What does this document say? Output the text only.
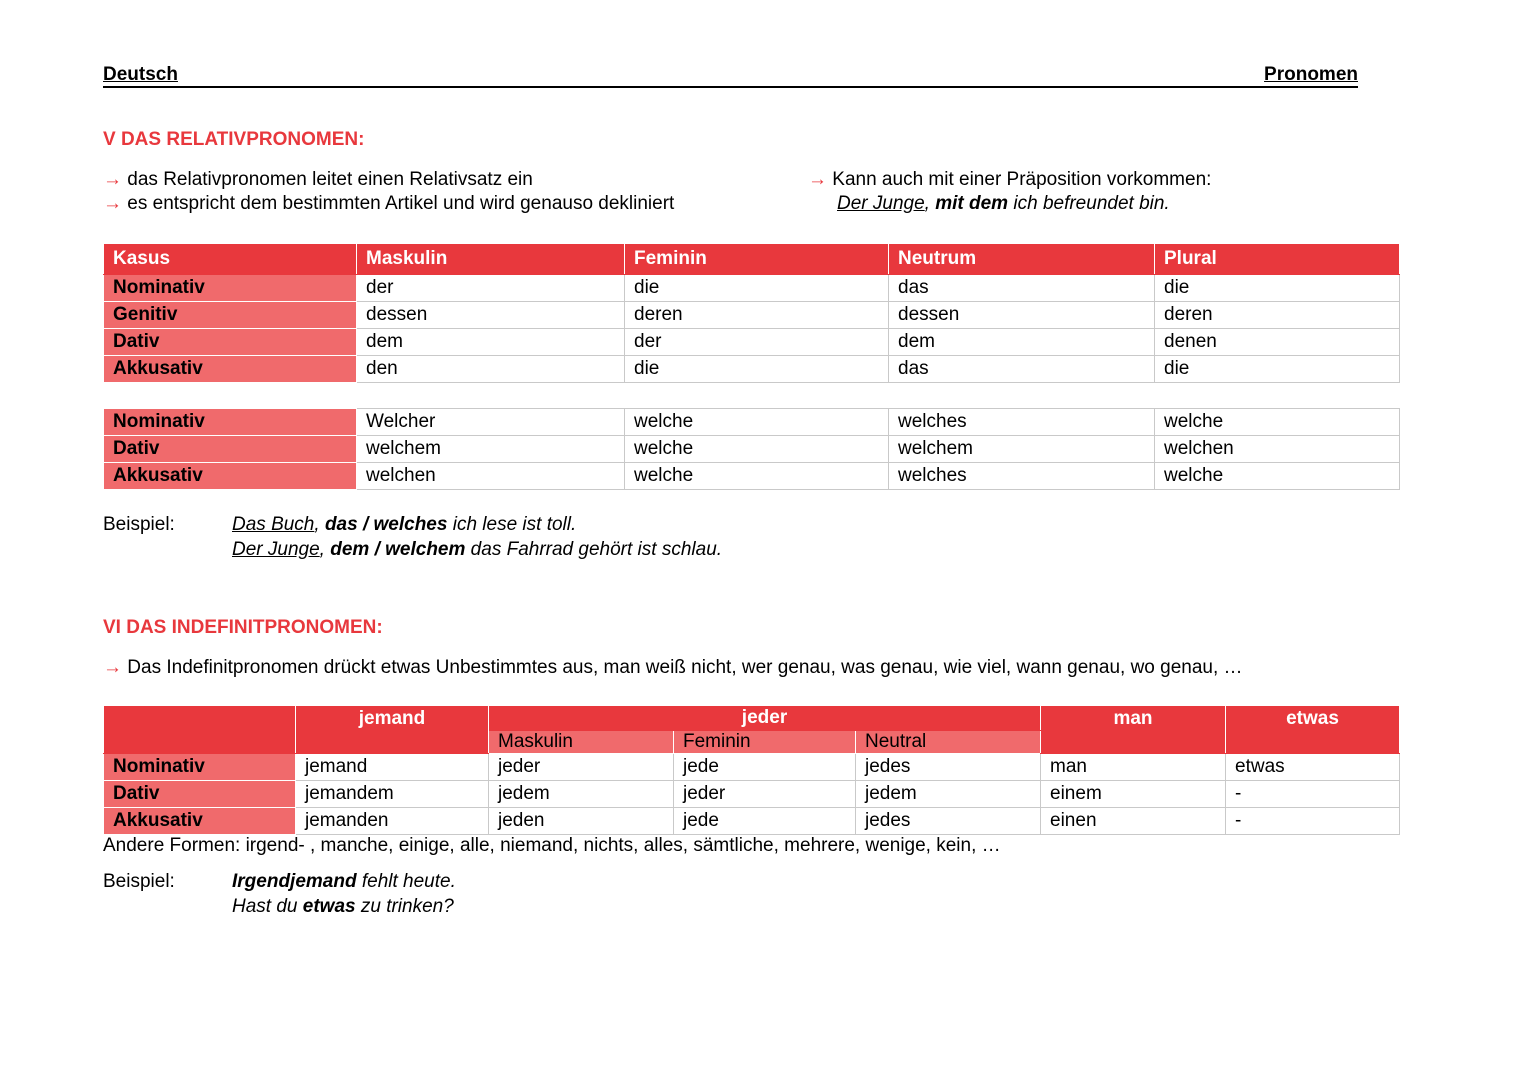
Deutsch	Pronomen
V DAS RELATIVPRONOMEN:
→ das Relativpronomen leitet einen Relativsatz ein
→ es entspricht dem bestimmten Artikel und wird genauso dekliniert
→ Kann auch mit einer Präposition vorkommen:
Der Junge, mit dem ich befreundet bin.
Kasus	Maskulin	Feminin	Neutrum	Plural
Nominativ	der	die	das	die
Genitiv	dessen	deren	dessen	deren
Dativ	dem	der	dem	denen
Akkusativ	den	die	das	die
Nominativ	Welcher	welche	welches	welche
Dativ	welchem	welche	welchem	welchen
Akkusativ	welchen	welche	welches	welche
Beispiel:	Das Buch, das / welches ich lese ist toll.
Der Junge, dem / welchem das Fahrrad gehört ist schlau.
VI DAS INDEFINITPRONOMEN:
→ Das Indefinitpronomen drückt etwas Unbestimmtes aus, man weiß nicht, wer genau, was genau, wie viel, wann genau, wo genau, …
	jemand	jeder			man	etwas
		Maskulin	Feminin	Neutral		
Nominativ	jemand	jeder	jede	jedes	man	etwas
Dativ	jemandem	jedem	jeder	jedem	einem	-
Akkusativ	jemanden	jeden	jede	jedes	einen	-
Andere Formen: irgend- , manche, einige, alle, niemand, nichts, alles, sämtliche, mehrere, wenige, kein, …
Beispiel:	Irgendjemand fehlt heute.
Hast du etwas zu trinken?
